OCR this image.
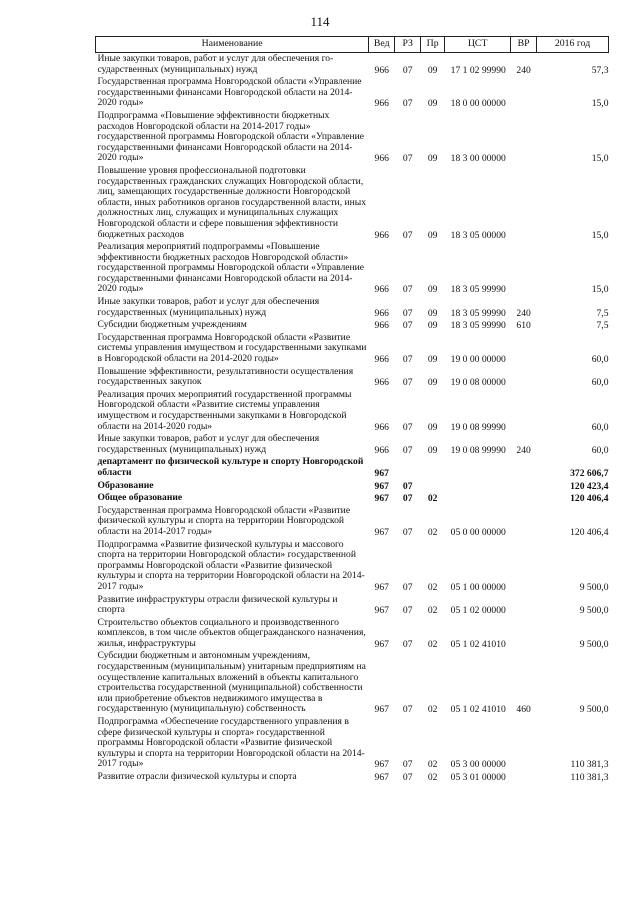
114
Наименование	Вед	РЗ	Пр	ЦСТ	ВР	2016 год
Иные закупки товаров, работ и услуг для обеспечения го-сударственных (муниципальных) нужд	966	07	09	17 1 02 99990	240	57,3
Государственная программа Новгородской области «Управление государственными финансами Новгородской области на 2014-2020 годы»	966	07	09	18 0 00 00000		15,0
Подпрограмма «Повышение эффективности бюджетных расходов Новгородской области на 2014-2017 годы» государственной программы Новгородской области «Управление государственными финансами Новгородской области на 2014-2020 годы»	966	07	09	18 3 00 00000		15,0
Повышение уровня профессиональной подготовки государственных гражданских служащих Новгородской области, лиц, замещающих государственные должности Новгородской области, иных работников органов государственной власти, иных должностных лиц, служащих и муниципальных служащих Новгородской области и сфере повышения эффективности бюджетных расходов	966	07	09	18 3 05 00000		15,0
Реализация мероприятий подпрограммы «Повышение эффективности бюджетных расходов Новгородской области» государственной программы Новгородской области «Управление государственными финансами Новгородской области на 2014-2020 годы»	966	07	09	18 3 05 99990		15,0
Иные закупки товаров, работ и услуг для обеспечения государственных (муниципальных) нужд	966	07	09	18 3 05 99990	240	7,5
Субсидии бюджетным учреждениям	966	07	09	18 3 05 99990	610	7,5
Государственная программа Новгородской области «Развитие системы управления имуществом и государственными закупками в Новгородской области на 2014-2020 годы»	966	07	09	19 0 00 00000		60,0
Повышение эффективности, результативности осуществления государственных закупок	966	07	09	19 0 08 00000		60,0
Реализация прочих мероприятий государственной программы Новгородской области «Развитие системы управления имуществом и государственными закупками в Новгородской области на 2014-2020 годы»	966	07	09	19 0 08 99990		60,0
Иные закупки товаров, работ и услуг для обеспечения государственных (муниципальных) нужд	966	07	09	19 0 08 99990	240	60,0
департамент по физической культуре и спорту Новгородской области	967					372 606,7
Образование	967	07				120 423,4
Общее образование	967	07	02			120 406,4
Государственная программа Новгородской области «Развитие физической культуры и спорта на территории Новгородской области на 2014-2017 годы»	967	07	02	05 0 00 00000		120 406,4
Подпрограмма «Развитие физической культуры и массового спорта на территории Новгородской области» государственной программы Новгородской области «Развитие физической культуры и спорта на территории Новгородской области на 2014-2017 годы»	967	07	02	05 1 00 00000		9 500,0
Развитие инфраструктуры отрасли физической культуры и спорта	967	07	02	05 1 02 00000		9 500,0
Строительство объектов социального и производственного комплексов, в том числе объектов общегражданского назначения, жилья, инфраструктуры	967	07	02	05 1 02 41010		9 500,0
Субсидии бюджетным и автономным учреждениям, государственным (муниципальным) унитарным предприятиям на осуществление капитальных вложений в объекты капитального строительства государственной (муниципальной) собственности или приобретение объектов недвижимого имущества в государственную (муниципальную) собственность	967	07	02	05 1 02 41010	460	9 500,0
Подпрограмма «Обеспечение государственного управления в сфере физической культуры и спорта» государственной программы Новгородской области «Развитие физической культуры и спорта на территории Новгородской области на 2014-2017 годы»	967	07	02	05 3 00 00000		110 381,3
Развитие отрасли физической культуры и спорта	967	07	02	05 3 01 00000		110 381,3
